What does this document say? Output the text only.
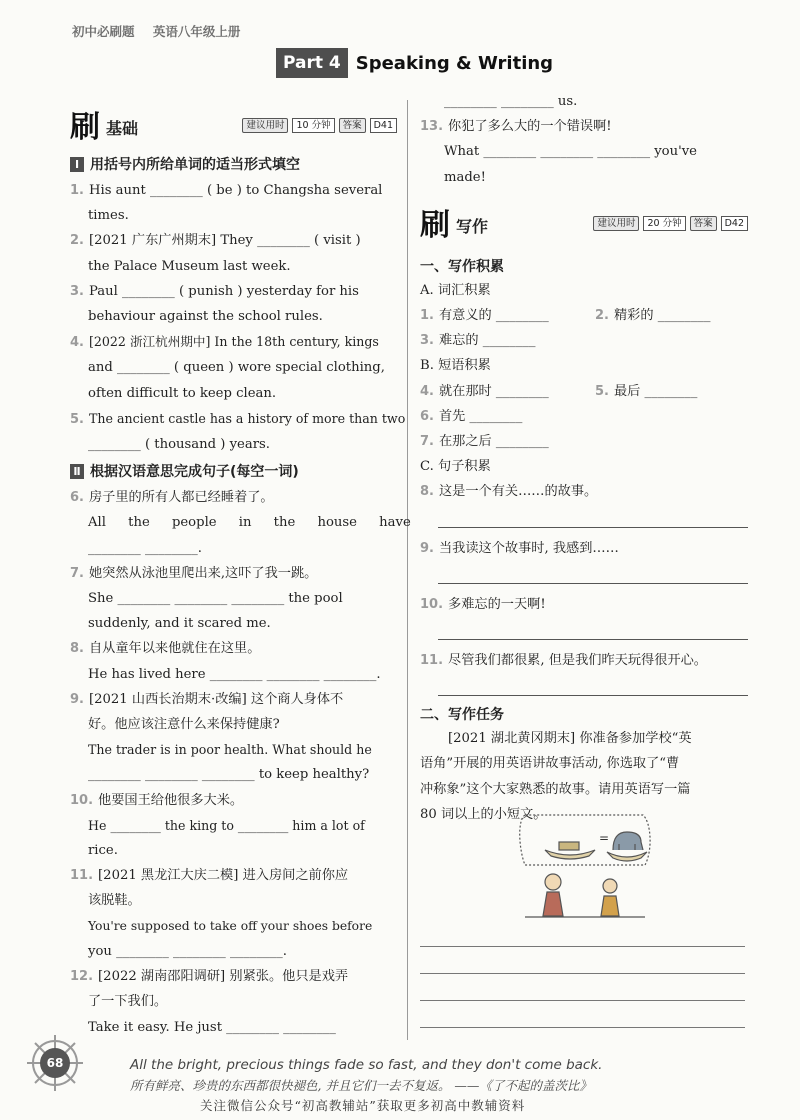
初中必刷题 英语八年级上册
Part 4 Speaking & Writing
刷 基础	建议用时	10 分钟	答案	D41
Ⅰ 用括号内所给单词的适当形式填空
1. His aunt ________ ( be ) to Changsha several
times.
2. [2021 广东广州期末] They ________ ( visit )
the Palace Museum last week.
3. Paul ________ ( punish ) yesterday for his
behaviour against the school rules.
4. [2022 浙江杭州期中] In the 18th century, kings
and ________ ( queen ) wore special clothing,
often difficult to keep clean.
5. The ancient castle has a history of more than two
________ ( thousand ) years.
Ⅱ 根据汉语意思完成句子(每空一词)
6. 房子里的所有人都已经睡着了。
All the people in the house have
________ ________.
7. 她突然从泳池里爬出来,这吓了我一跳。
She ________ ________ ________ the pool
suddenly, and it scared me.
8. 自从童年以来他就住在这里。
He has lived here ________ ________ ________.
9. [2021 山西长治期末·改编] 这个商人身体不
好。他应该注意什么来保持健康?
The trader is in poor health. What should he
________ ________ ________ to keep healthy?
10. 他要国王给他很多大米。
He ________ the king to ________ him a lot of
rice.
11. [2021 黑龙江大庆二模] 进入房间之前你应
该脱鞋。
You're supposed to take off your shoes before
you ________ ________ ________.
12. [2022 湖南邵阳调研] 别紧张。他只是戏弄
了一下我们。
Take it easy. He just ________ ________
________ ________ us.
13. 你犯了多么大的一个错误啊!
What ________ ________ ________ you've
made!
刷 写作	建议用时	20 分钟	答案	D42
一、写作积累
A. 词汇积累
1. 有意义的 ________	2. 精彩的 ________
3. 难忘的 ________
B. 短语积累
4. 就在那时 ________	5. 最后 ________
6. 首先 ________
7. 在那之后 ________
C. 句子积累
8. 这是一个有关……的故事。
9. 当我读这个故事时, 我感到……
10. 多难忘的一天啊!
11. 尽管我们都很累, 但是我们昨天玩得很开心。
二、写作任务
[2021 湖北黄冈期末] 你准备参加学校“英
语角”开展的用英语讲故事活动, 你选取了“曹
冲称象”这个大家熟悉的故事。请用英语写一篇
80 词以上的小短文。
=
68	All the bright, precious things fade so fast, and they don't come back.
所有鲜亮、珍贵的东西都很快褪色, 并且它们一去不复返。 ——《了不起的盖茨比》
关注微信公众号“初高教辅站”获取更多初高中教辅资料
